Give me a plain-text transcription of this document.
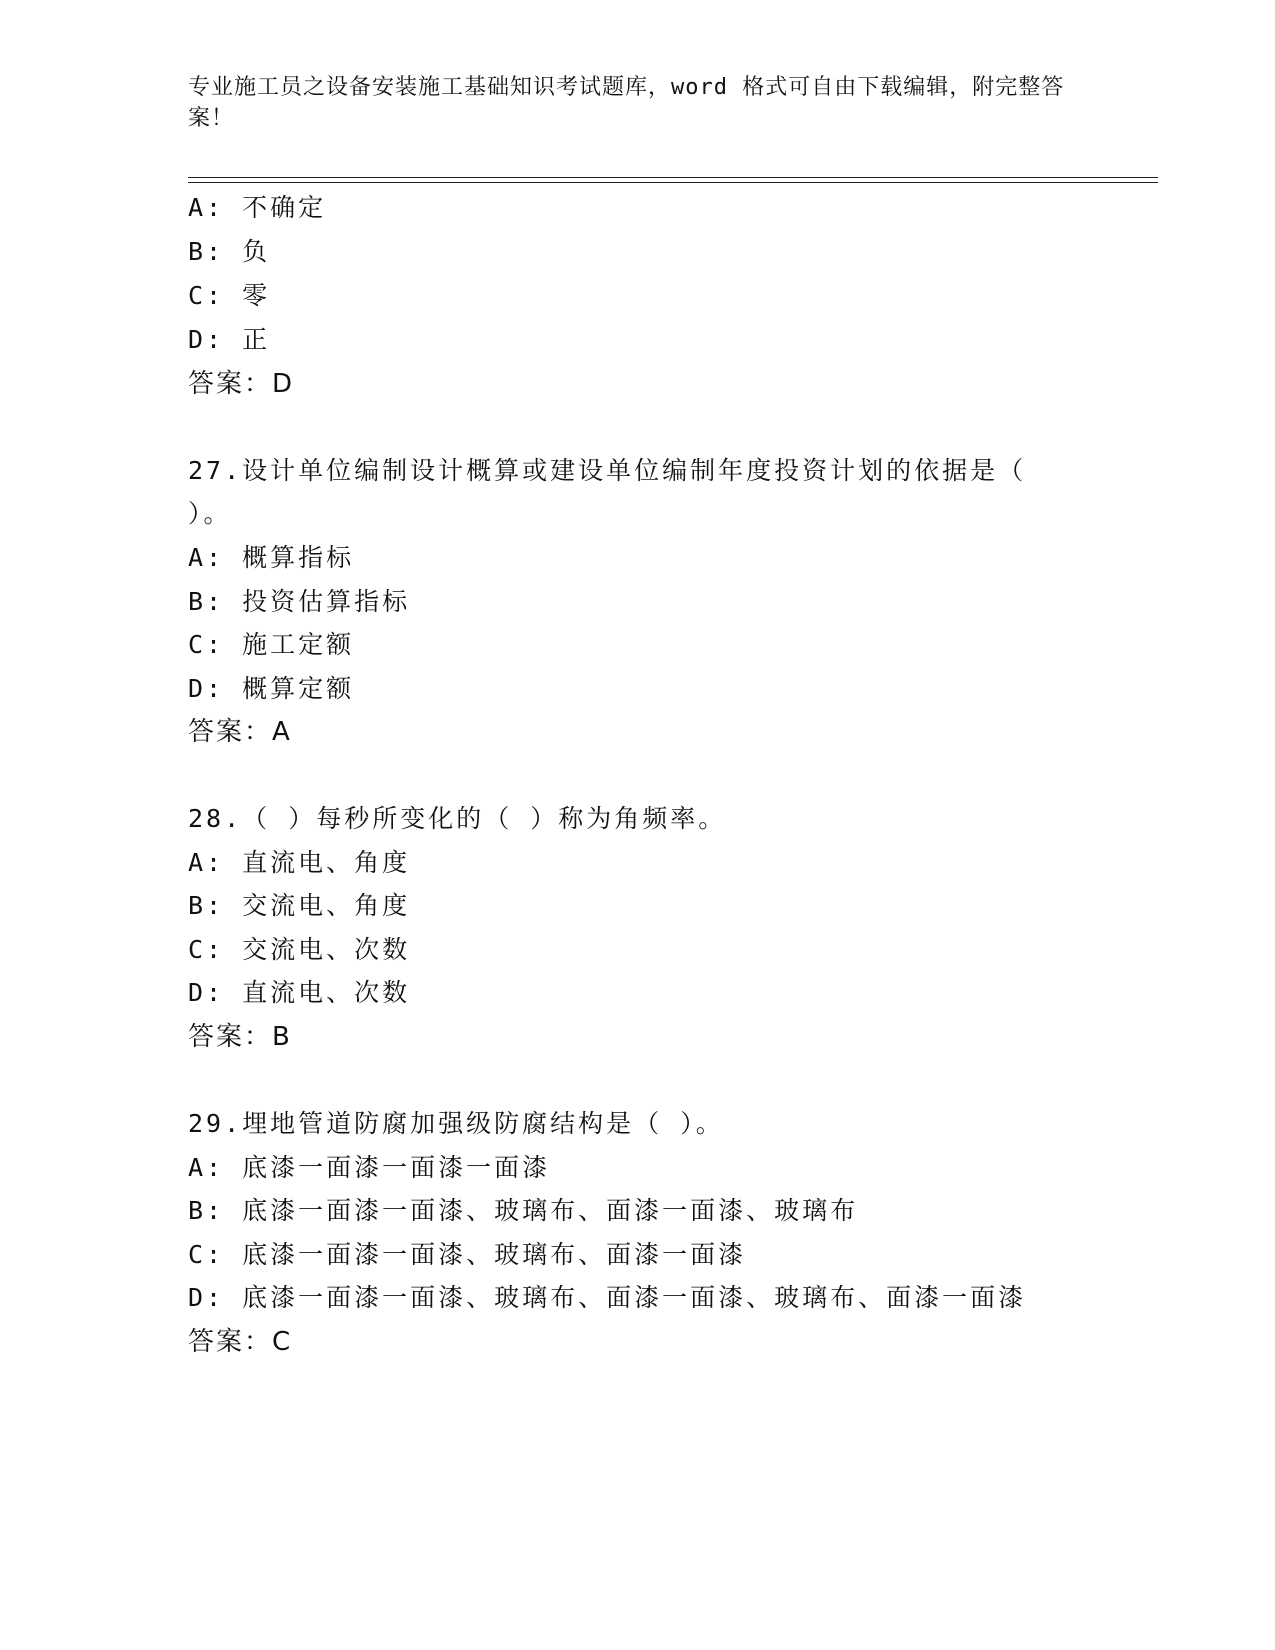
专业施工员之设备安装施工基础知识考试题库，word 格式可自由下载编辑，附完整答案！
A: 不确定
B: 负
C: 零
D: 正
答案：D
27.设计单位编制设计概算或建设单位编制年度投资计划的依据是（
）。
A: 概算指标
B: 投资估算指标
C: 施工定额
D: 概算定额
答案：A
28.（ ）每秒所变化的（ ）称为角频率。
A: 直流电、角度
B: 交流电、角度
C: 交流电、次数
D: 直流电、次数
答案：B
29.埋地管道防腐加强级防腐结构是（ ）。
A: 底漆一面漆一面漆一面漆
B: 底漆一面漆一面漆、玻璃布、面漆一面漆、玻璃布
C: 底漆一面漆一面漆、玻璃布、面漆一面漆
D: 底漆一面漆一面漆、玻璃布、面漆一面漆、玻璃布、面漆一面漆
答案：C
